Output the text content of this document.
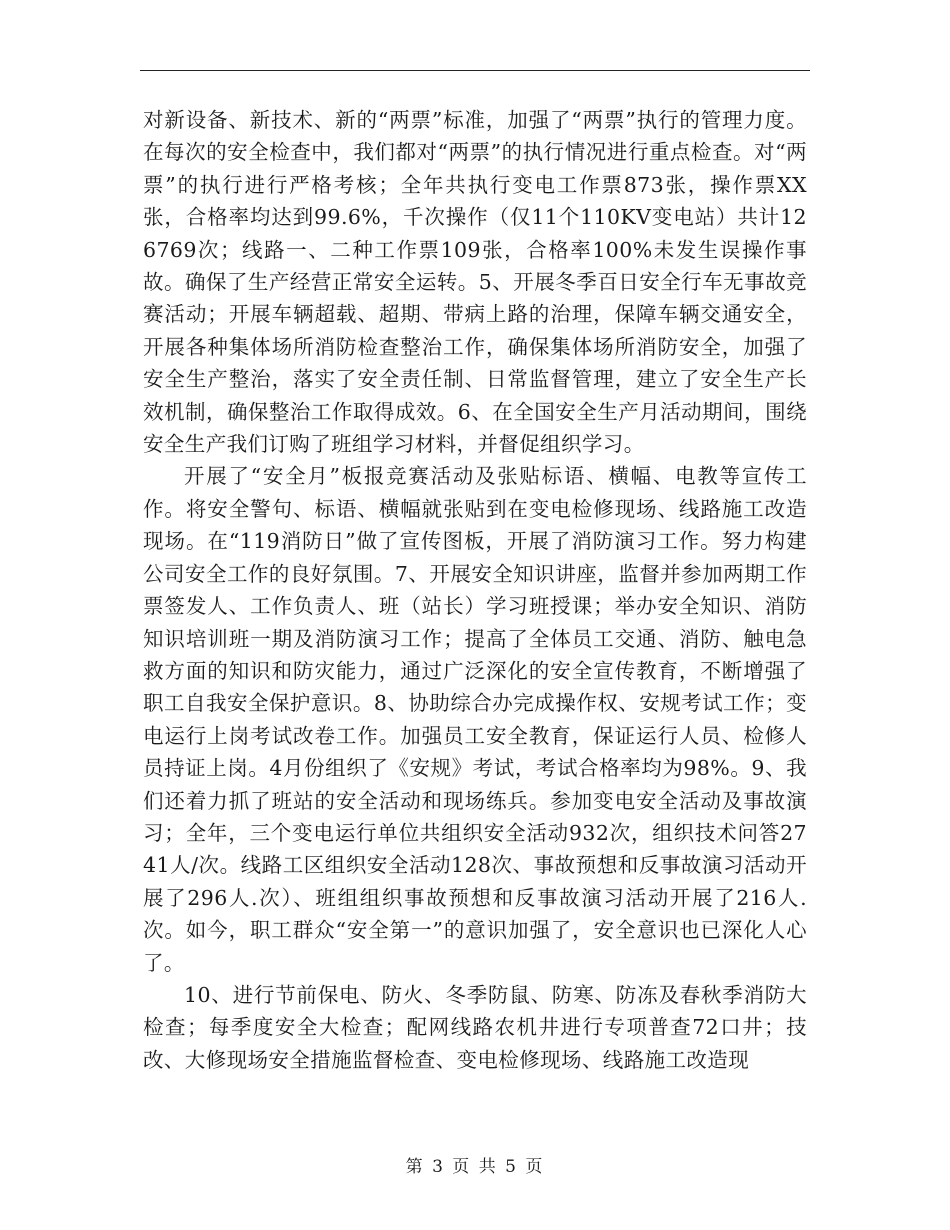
对新设备、新技术、新的“两票”标准，加强了“两票”执行的管理力度。在每次的安全检查中，我们都对“两票”的执行情况进行重点检查。对“两票”的执行进行严格考核；全年共执行变电工作票873张，操作票XX张，合格率均达到99.6%，千次操作（仅11个110KV变电站）共计126769次；线路一、二种工作票109张，合格率100%未发生误操作事故。确保了生产经营正常安全运转。5、开展冬季百日安全行车无事故竞赛活动；开展车辆超载、超期、带病上路的治理，保障车辆交通安全，开展各种集体场所消防检查整治工作，确保集体场所消防安全，加强了安全生产整治，落实了安全责任制、日常监督管理，建立了安全生产长效机制，确保整治工作取得成效。6、在全国安全生产月活动期间，围绕安全生产我们订购了班组学习材料，并督促组织学习。

开展了“安全月”板报竞赛活动及张贴标语、横幅、电教等宣传工作。将安全警句、标语、横幅就张贴到在变电检修现场、线路施工改造现场。在“119消防日”做了宣传图板，开展了消防演习工作。努力构建公司安全工作的良好氛围。7、开展安全知识讲座，监督并参加两期工作票签发人、工作负责人、班（站长）学习班授课；举办安全知识、消防知识培训班一期及消防演习工作；提高了全体员工交通、消防、触电急救方面的知识和防灾能力，通过广泛深化的安全宣传教育，不断增强了职工自我安全保护意识。8、协助综合办完成操作权、安规考试工作；变电运行上岗考试改卷工作。加强员工安全教育，保证运行人员、检修人员持证上岗。4月份组织了《安规》考试，考试合格率均为98%。9、我们还着力抓了班站的安全活动和现场练兵。参加变电安全活动及事故演习；全年，三个变电运行单位共组织安全活动932次，组织技术问答2741人/次。线路工区组织安全活动128次、事故预想和反事故演习活动开展了296人.次）、班组组织事故预想和反事故演习活动开展了216人.次。如今，职工群众“安全第一”的意识加强了，安全意识也已深化人心了。

10、进行节前保电、防火、冬季防鼠、防寒、防冻及春秋季消防大检查；每季度安全大检查；配网线路农机井进行专项普查72口井；技改、大修现场安全措施监督检查、变电检修现场、线路施工改造现

第 3 页 共 5 页
